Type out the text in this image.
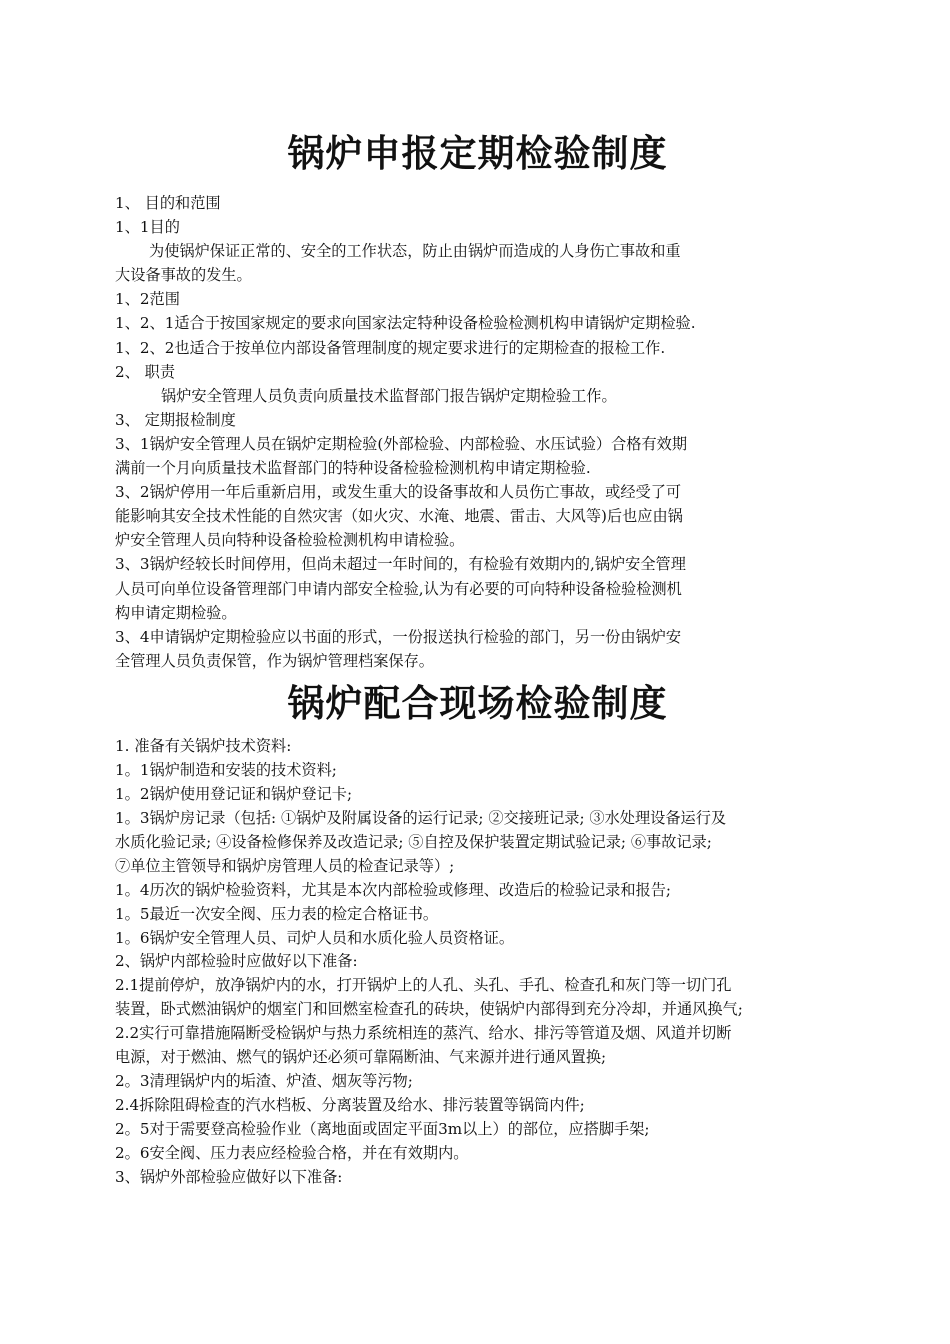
锅炉申报定期检验制度

1、 目的和范围

1、1目的

为使锅炉保证正常的、安全的工作状态，防止由锅炉而造成的人身伤亡事故和重

大设备事故的发生。

1、2范围

1、2、1适合于按国家规定的要求向国家法定特种设备检验检测机构申请锅炉定期检验.

1、2、2也适合于按单位内部设备管理制度的规定要求进行的定期检查的报检工作.

2、 职责

锅炉安全管理人员负责向质量技术监督部门报告锅炉定期检验工作。

3、 定期报检制度

3、1锅炉安全管理人员在锅炉定期检验(外部检验、内部检验、水压试验）合格有效期

满前一个月向质量技术监督部门的特种设备检验检测机构申请定期检验.

3、2锅炉停用一年后重新启用，或发生重大的设备事故和人员伤亡事故，或经受了可

能影响其安全技术性能的自然灾害（如火灾、水淹、地震、雷击、大风等)后也应由锅

炉安全管理人员向特种设备检验检测机构申请检验。

3、3锅炉经较长时间停用，但尚未超过一年时间的，有检验有效期内的,锅炉安全管理

人员可向单位设备管理部门申请内部安全检验,认为有必要的可向特种设备检验检测机

构申请定期检验。

3、4申请锅炉定期检验应以书面的形式，一份报送执行检验的部门，另一份由锅炉安

全管理人员负责保管，作为锅炉管理档案保存。

锅炉配合现场检验制度

1. 准备有关锅炉技术资料:

1。1锅炉制造和安装的技术资料;

1。2锅炉使用登记证和锅炉登记卡;

1。3锅炉房记录（包括: ①锅炉及附属设备的运行记录; ②交接班记录; ③水处理设备运行及

水质化验记录; ④设备检修保养及改造记录; ⑤自控及保护装置定期试验记录; ⑥事故记录;

⑦单位主管领导和锅炉房管理人员的检查记录等）;

1。4历次的锅炉检验资料，尤其是本次内部检验或修理、改造后的检验记录和报告;

1。5最近一次安全阀、压力表的检定合格证书。

1。6锅炉安全管理人员、司炉人员和水质化验人员资格证。

2、锅炉内部检验时应做好以下准备:

2.1提前停炉，放净锅炉内的水，打开锅炉上的人孔、头孔、手孔、检查孔和灰门等一切门孔

装置，卧式燃油锅炉的烟室门和回燃室检查孔的砖块，使锅炉内部得到充分冷却，并通风换气;

2.2实行可靠措施隔断受检锅炉与热力系统相连的蒸汽、给水、排污等管道及烟、风道并切断

电源，对于燃油、燃气的锅炉还必须可靠隔断油、气来源并进行通风置换;

2。3清理锅炉内的垢渣、炉渣、烟灰等污物;

2.4拆除阻碍检查的汽水档板、分离装置及给水、排污装置等锅筒内件;

2。5对于需要登高检验作业（离地面或固定平面3m以上）的部位，应搭脚手架;

2。6安全阀、压力表应经检验合格，并在有效期内。

3、锅炉外部检验应做好以下准备:
